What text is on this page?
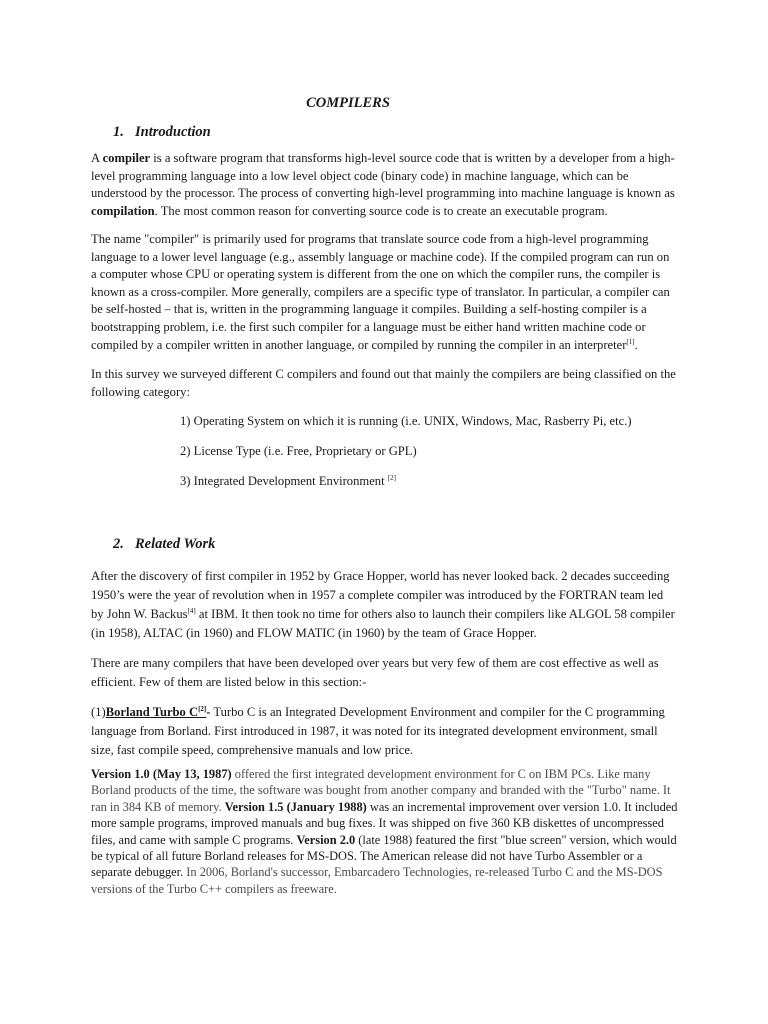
COMPILERS
1. Introduction

A compiler is a software program that transforms high-level source code that is written by a developer from a high-level programming language into a low level object code (binary code) in machine language, which can be understood by the processor. The process of converting high-level programming into machine language is known as compilation. The most common reason for converting source code is to create an executable program.

The name "compiler" is primarily used for programs that translate source code from a high-level programming language to a lower level language (e.g., assembly language or machine code). If the compiled program can run on a computer whose CPU or operating system is different from the one on which the compiler runs, the compiler is known as a cross-compiler. More generally, compilers are a specific type of translator. In particular, a compiler can be self-hosted – that is, written in the programming language it compiles. Building a self-hosting compiler is a bootstrapping problem, i.e. the first such compiler for a language must be either hand written machine code or compiled by a compiler written in another language, or compiled by running the compiler in an interpreter[1].

In this survey we surveyed different C compilers and found out that mainly the compilers are being classified on the following category:

1) Operating System on which it is running (i.e. UNIX, Windows, Mac, Rasberry Pi, etc.)
2) License Type (i.e. Free, Proprietary or GPL)
3) Integrated Development Environment [2]
2. Related Work

After the discovery of first compiler in 1952 by Grace Hopper, world has never looked back. 2 decades succeeding 1950’s were the year of revolution when in 1957 a complete compiler was introduced by the FORTRAN team led by John W. Backus[4] at IBM. It then took no time for others also to launch their compilers like ALGOL 58 compiler (in 1958), ALTAC (in 1960) and FLOW MATIC (in 1960) by the team of Grace Hopper.

There are many compilers that have been developed over years but very few of them are cost effective as well as efficient. Few of them are listed below in this section:-

(1)Borland Turbo C[2]- Turbo C is an Integrated Development Environment and compiler for the C programming language from Borland. First introduced in 1987, it was noted for its integrated development environment, small size, fast compile speed, comprehensive manuals and low price.

Version 1.0 (May 13, 1987) offered the first integrated development environment for C on IBM PCs. Like many Borland products of the time, the software was bought from another company and branded with the "Turbo" name. It ran in 384 KB of memory. Version 1.5 (January 1988) was an incremental improvement over version 1.0. It included more sample programs, improved manuals and bug fixes. It was shipped on five 360 KB diskettes of uncompressed files, and came with sample C programs. Version 2.0 (late 1988) featured the first "blue screen" version, which would be typical of all future Borland releases for MS-DOS. The American release did not have Turbo Assembler or a separate debugger. In 2006, Borland's successor, Embarcadero Technologies, re-released Turbo C and the MS-DOS versions of the Turbo C++ compilers as freeware.
